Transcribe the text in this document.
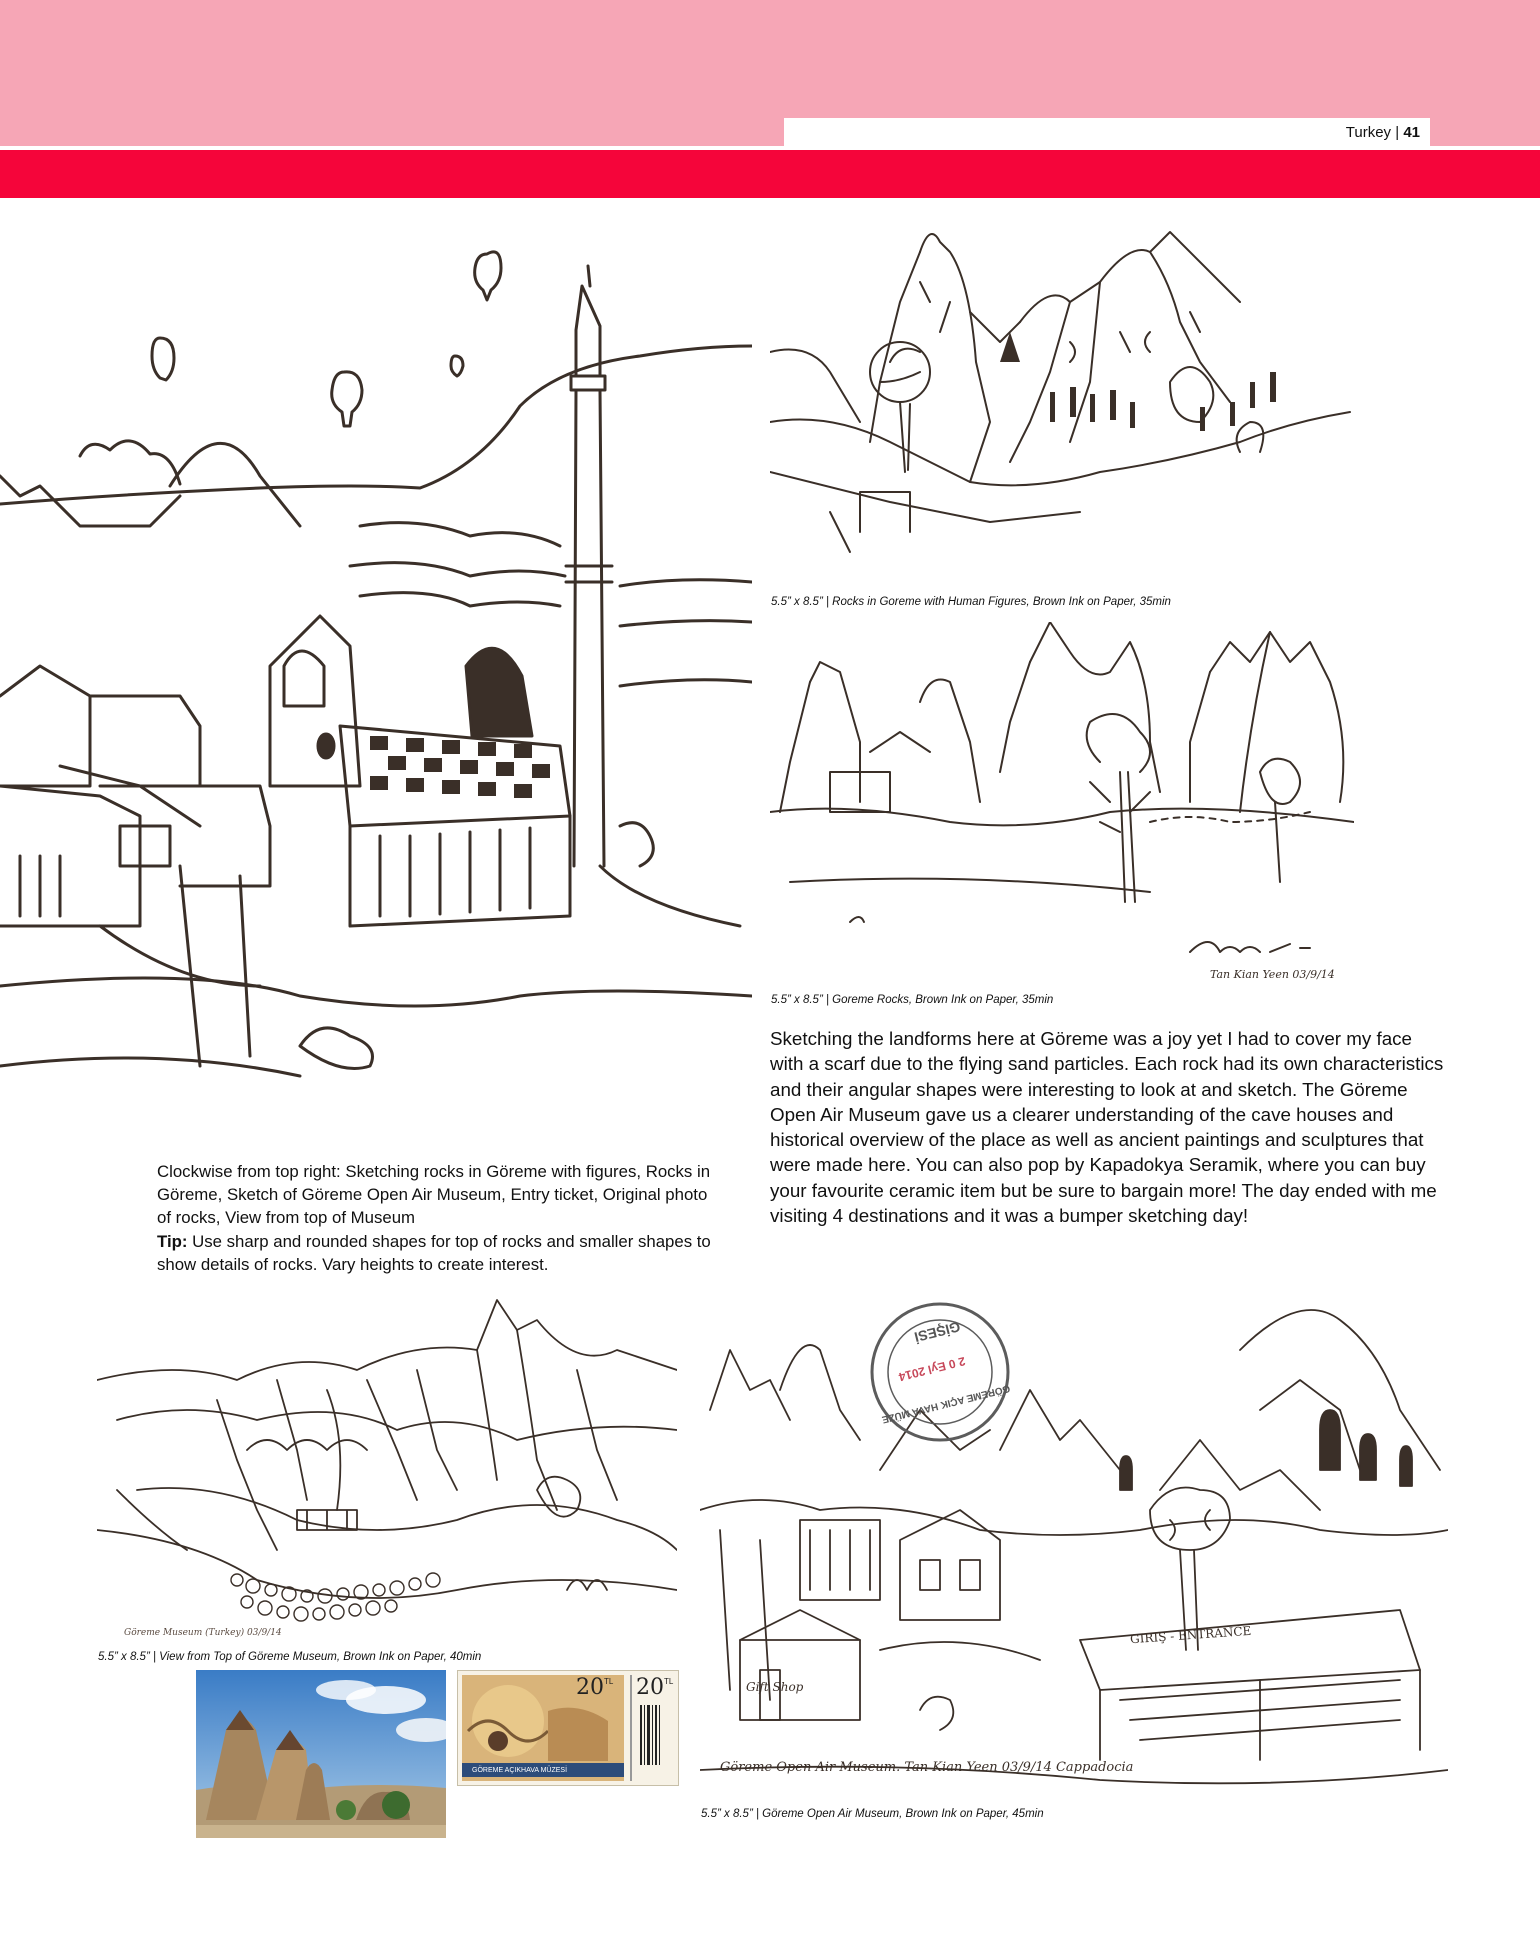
Turkey | 41
5.5” x 8.5” | Rocks in Goreme with Human Figures, Brown Ink on Paper, 35min
5.5” x 8.5” | Goreme Rocks, Brown Ink on Paper, 35min
Sketching the landforms here at Göreme was a joy yet I had to cover my face with a scarf due to the flying sand particles. Each rock had its own characteristics and their angular shapes were interesting to look at and sketch. The Göreme Open Air Museum gave us a clearer understanding of the cave houses and historical overview of the place as well as ancient paintings and sculptures that were made here. You can also pop by Kapadokya Seramik, where you can buy your favourite ceramic item but be sure to bargain more! The day ended with me visiting 4 destinations and it was a bumper sketching day!
Clockwise from top right: Sketching rocks in Göreme with figures, Rocks in Göreme, Sketch of Göreme Open Air Museum, Entry ticket, Original photo of rocks, View from top of Museum
Tip: Use sharp and rounded shapes for top of rocks and smaller shapes to show details of rocks. Vary heights to create interest.
Göreme Museum (Turkey) 03/9/14
5.5” x 8.5” | View from Top of Göreme Museum, Brown Ink on Paper, 40min
20 TL 20 TL
GÖREME AÇIKHAVA MÜZESİ
GİŞESİ
2 0 Eyl 2014
GÖREME AÇIK HAVA MÜZE
Gift Shop
GIRIŞ - ENTRANCE
Göreme Open Air Museum. Tan Kian Yeen 03/9/14 Cappadocia
5.5” x 8.5” | Göreme Open Air Museum, Brown Ink on Paper, 45min
Tan Kian Yeen 03/9/14
